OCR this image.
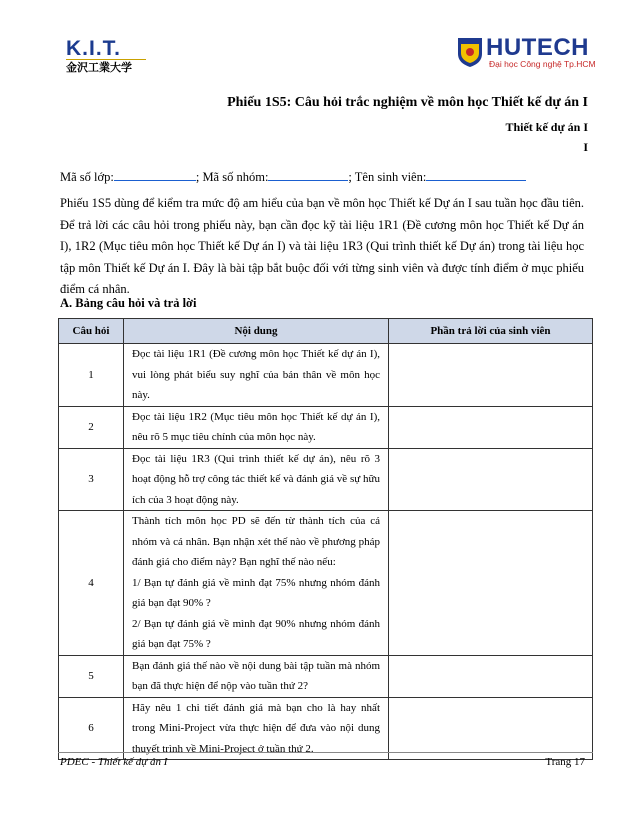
K.I.T.
金沢工業大学
HUTECH
Đại học Công nghệ Tp.HCM
Phiếu 1S5: Câu hỏi trắc nghiệm về môn học Thiết kế dự án I
Thiết kế dự án I
I
Mã số lớp:	; Mã số nhóm:	; Tên sinh viên:
Phiếu 1S5 dùng để kiểm tra mức độ am hiểu của bạn về môn học Thiết kế Dự án I sau tuần học đầu tiên. Để trả lời các câu hỏi trong phiếu này, bạn cần đọc kỹ tài liệu 1R1 (Đề cương môn học Thiết kế Dự án I), 1R2 (Mục tiêu môn học Thiết kế Dự án I) và tài liệu 1R3 (Qui trình thiết kế Dự án) trong tài liệu học tập môn Thiết kế Dự án I. Đây là bài tập bắt buộc đối với từng sinh viên và được tính điểm ở mục phiếu điểm cá nhân.
A. Bảng câu hỏi và trả lời
Câu hỏi	Nội dung	Phần trả lời của sinh viên
1	Đọc tài liệu 1R1 (Đề cương môn học Thiết kế dự án I), vui lòng phát biểu suy nghĩ của bản thân về môn học này.	
2	Đọc tài liệu 1R2 (Mục tiêu môn học Thiết kế dự án I), nêu rõ 5 mục tiêu chính của môn học này.	
3	Đọc tài liệu 1R3 (Qui trình thiết kế dự án), nêu rõ 3 hoạt động hỗ trợ công tác thiết kế và đánh giá về sự hữu ích của 3 hoạt động này.	
4	Thành tích môn học PD sẽ đến từ thành tích của cá nhóm và cá nhân. Bạn nhận xét thế nào về phương pháp đánh giá cho điểm này? Bạn nghĩ thế nào nếu:
1/ Bạn tự đánh giá về mình đạt 75% nhưng nhóm đánh giá bạn đạt 90% ?
2/ Bạn tự đánh giá về mình đạt 90% nhưng nhóm đánh giá bạn đạt 75% ?	

5	Bạn đánh giá thế nào về nội dung bài tập tuần mà nhóm bạn đã thực hiện để nộp vào tuần thứ 2?	
6	Hãy nêu 1 chi tiết đánh giá mà bạn cho là hay nhất trong Mini-Project vừa thực hiện để đưa vào nội dung thuyết trình về Mini-Project ở tuần thứ 2.	
PDEC - Thiết kế dự án I	Trang 17
